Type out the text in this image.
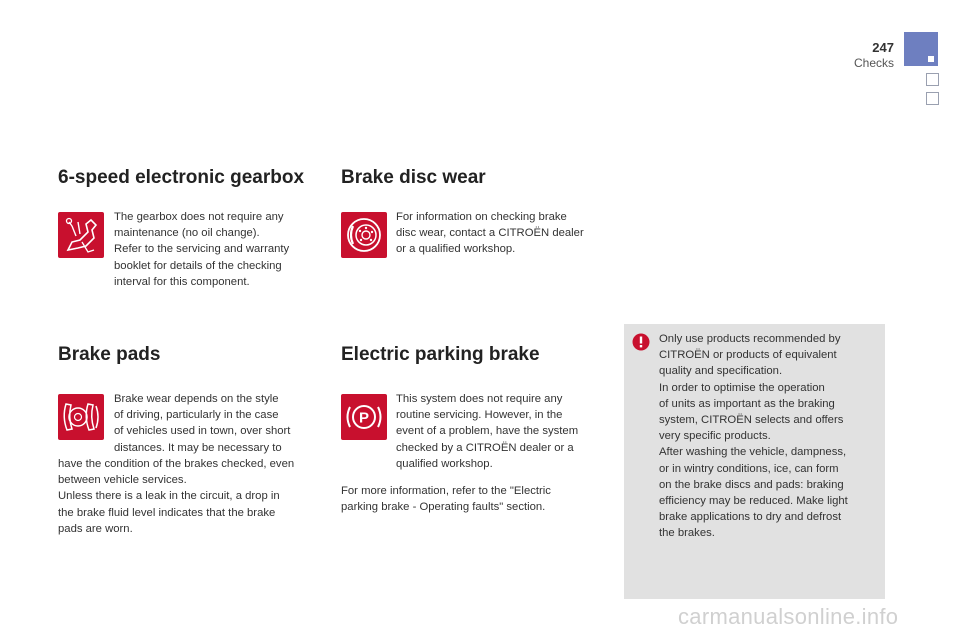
247
Checks
6-speed electronic gearbox

The gearbox does not require any
maintenance (no oil change).
Refer to the servicing and warranty
booklet for details of the checking
interval for this component.

Brake disc wear

For information on checking brake
disc wear, contact a CITROËN dealer
or a qualified workshop.

Brake pads

Brake wear depends on the style
of driving, particularly in the case
of vehicles used in town, over short
distances. It may be necessary to

have the condition of the brakes checked, even
between vehicle services.
Unless there is a leak in the circuit, a drop in
the brake fluid level indicates that the brake
pads are worn.

Electric parking brake
P

This system does not require any
routine servicing. However, in the
event of a problem, have the system
checked by a CITROËN dealer or a
qualified workshop.

For more information, refer to the "Electric
parking brake - Operating faults" section.

Only use products recommended by
CITROËN or products of equivalent
quality and specification.
In order to optimise the operation
of units as important as the braking
system, CITROËN selects and offers
very specific products.
After washing the vehicle, dampness,
or in wintry conditions, ice, can form
on the brake discs and pads: braking
efficiency may be reduced. Make light
brake applications to dry and defrost
the brakes.

carmanualsonline.info
